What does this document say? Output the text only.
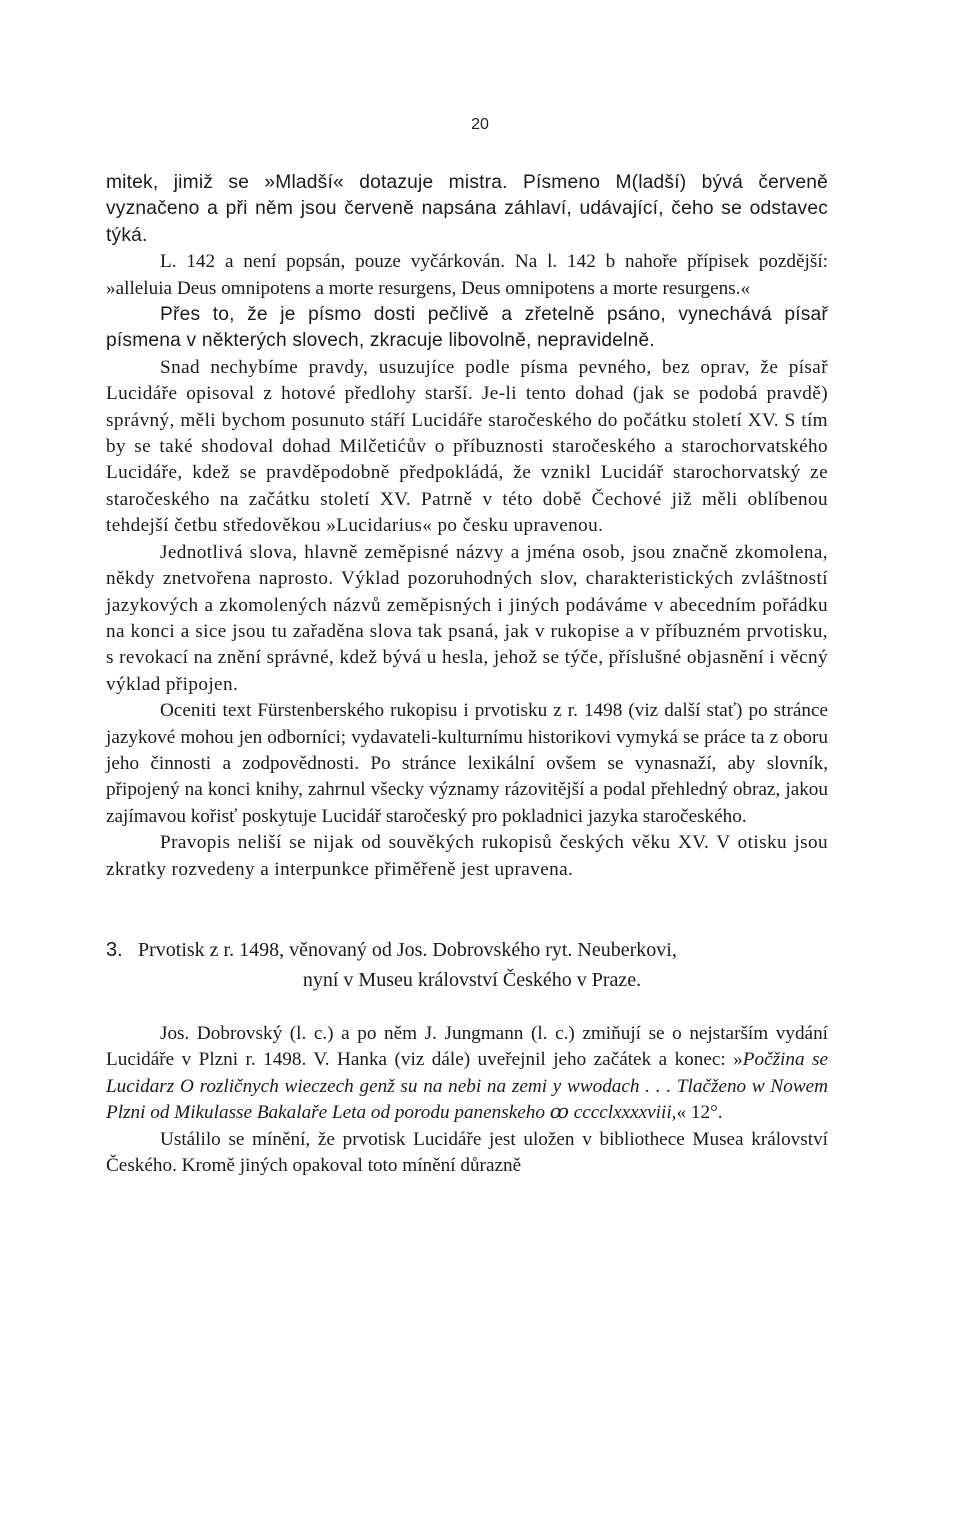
20

mitek, jimiž se »Mladší« dotazuje mistra. Písmeno M(ladší) bývá červeně vyznačeno a při něm jsou červeně napsána záhlaví, udávající, čeho se odstavec týká.

L. 142 a není popsán, pouze vyčárkován. Na l. 142 b nahoře přípisek pozdější: »alleluia Deus omnipotens a morte resurgens, Deus omnipotens a morte resurgens.«

Přes to, že je písmo dosti pečlivě a zřetelně psáno, vynechává písař písmena v některých slovech, zkracuje libovolně, nepravidelně.

Snad nechybíme pravdy, usuzujíce podle písma pevného, bez oprav, že písař Lucidáře opisoval z hotové předlohy starší. Je-li tento dohad (jak se podobá pravdě) správný, měli bychom posunuto stáří Lucidáře staročeského do počátku století XV. S tím by se také shodoval dohad Milčetićův o příbuznosti staročeského a starochorvatského Lucidáře, kdež se pravděpodobně předpokládá, že vznikl Lucidář starochorvatský ze staročeského na začátku století XV. Patrně v této době Čechové již měli oblíbenou tehdejší četbu středověkou »Lucidarius« po česku upravenou.

Jednotlivá slova, hlavně zeměpisné názvy a jména osob, jsou značně zkomolena, někdy znetvořena naprosto. Výklad pozoruhodných slov, charakteristických zvláštností jazykových a zkomolených názvů zeměpisných i jiných podáváme v abecedním pořádku na konci a sice jsou tu zařaděna slova tak psaná, jak v rukopise a v příbuzném prvotisku, s revokací na znění správné, kdež bývá u hesla, jehož se týče, příslušné objasnění i věcný výklad připojen.

Oceniti text Fürstenberského rukopisu i prvotisku z r. 1498 (viz další stať) po stránce jazykové mohou jen odborníci; vydavateli-kulturnímu historikovi vymyká se práce ta z oboru jeho činnosti a zodpovědnosti. Po stránce lexikální ovšem se vynasnaží, aby slovník, připojený na konci knihy, zahrnul všecky významy rázovitější a podal přehledný obraz, jakou zajímavou kořisť poskytuje Lucidář staročeský pro pokladnici jazyka staročeského.

Pravopis neliší se nijak od souvěkých rukopisů českých věku XV. V otisku jsou zkratky rozvedeny a interpunkce přiměřeně jest upravena.

3. Prvotisk z r. 1498, věnovaný od Jos. Dobrovského ryt. Neuberkovi,
nyní v Museu království Českého v Praze.

Jos. Dobrovský (l. c.) a po něm J. Jungmann (l. c.) zmiňují se o nejstarším vydání Lucidáře v Plzni r. 1498. V. Hanka (viz dále) uveřejnil jeho začátek a konec: »Počžina se Lucidarz O rozličnych wieczech genž su na nebi na zemi y wwodach . . . Tlačženo w Nowem Plzni od Mikulasse Bakalaře Leta od porodu panenskeho ꝏ cccclxxxxviii,« 12°.

Ustálilo se mínění, že prvotisk Lucidáře jest uložen v bibliothece Musea království Českého. Kromě jiných opakoval toto mínění důrazně
